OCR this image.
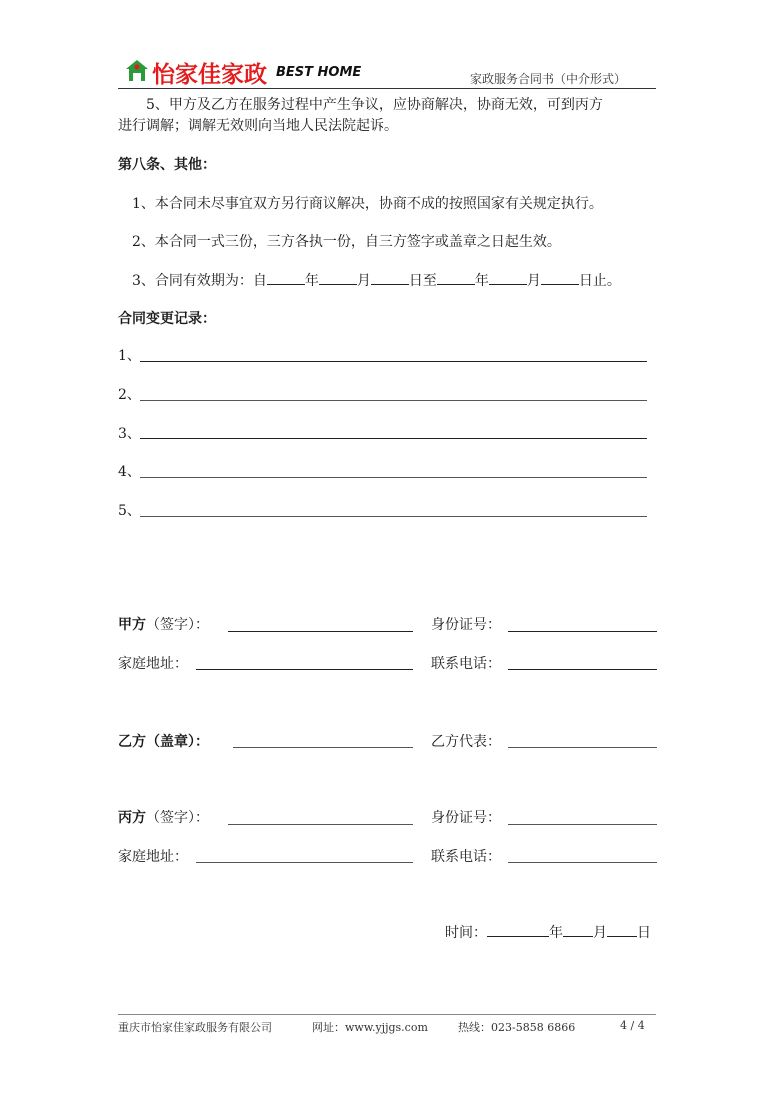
怡家佳家政 BEST HOME	家政服务合同书（中介形式）
5、甲方及乙方在服务过程中产生争议，应协商解决，协商无效，可到丙方
进行调解；调解无效则向当地人民法院起诉。
第八条、其他：
1、本合同未尽事宜双方另行商议解决，协商不成的按照国家有关规定执行。
2、本合同一式三份，三方各执一份，自三方签字或盖章之日起生效。
3、合同有效期为：自	年	月	日至	年	月	日止。
合同变更记录：
1、
2、
3、
4、
5、
甲方（签字）：	身份证号：
家庭地址：	联系电话：
乙方（盖章）：	乙方代表：
丙方（签字）：	身份证号：
家庭地址：	联系电话：
时间：	年 月 日
重庆市怡家佳家政服务有限公司	网址：www.yjjgs.com	热线：023-5858 6866	4 / 4
